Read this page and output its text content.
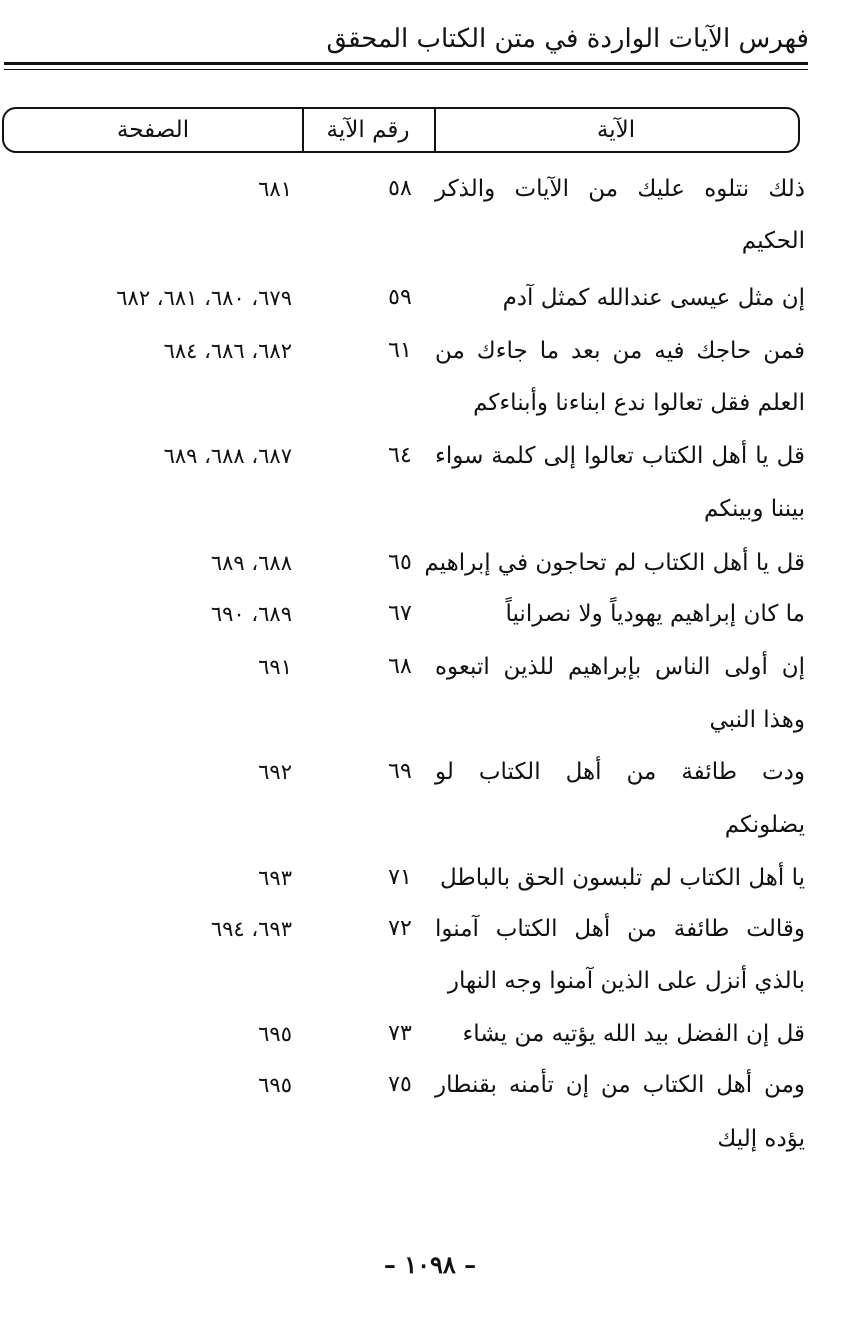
فهرس الآيات الواردة في متن الكتاب المحقق
الآية
رقم الآية
الصفحة
ذلك نتلوه عليك من الآيات والذكر
٥٨
٦٨١
الحكيم
إن مثل عيسى عندالله كمثل آدم
٥٩
٦٧٩، ٦٨٠، ٦٨١، ٦٨٢
فمن حاجك فيه من بعد ما جاءك من
٦١
٦٨٢، ٦٨٦، ٦٨٤
العلم فقل تعالوا ندع ابناءنا وأبناءكم
قل يا أهل الكتاب تعالوا إلى كلمة سواء
٦٤
٦٨٧، ٦٨٨، ٦٨٩
بيننا وبينكم
قل يا أهل الكتاب لم تحاجون في إبراهيم
٦٥
٦٨٨، ٦٨٩
ما كان إبراهيم يهودياً ولا نصرانياً
٦٧
٦٨٩، ٦٩٠
إن أولى الناس بإبراهيم للذين اتبعوه
٦٨
٦٩١
وهذا النبي
ودت طائفة من أهل الكتاب لو
٦٩
٦٩٢
يضلونكم
يا أهل الكتاب لم تلبسون الحق بالباطل
٧١
٦٩٣
وقالت طائفة من أهل الكتاب آمنوا
٧٢
٦٩٣، ٦٩٤
بالذي أنزل على الذين آمنوا وجه النهار
قل إن الفضل بيد الله يؤتيه من يشاء
٧٣
٦٩٥
ومن أهل الكتاب من إن تأمنه بقنطار
٧٥
٦٩٥
يؤده إليك
– ١٠٩٨ –
